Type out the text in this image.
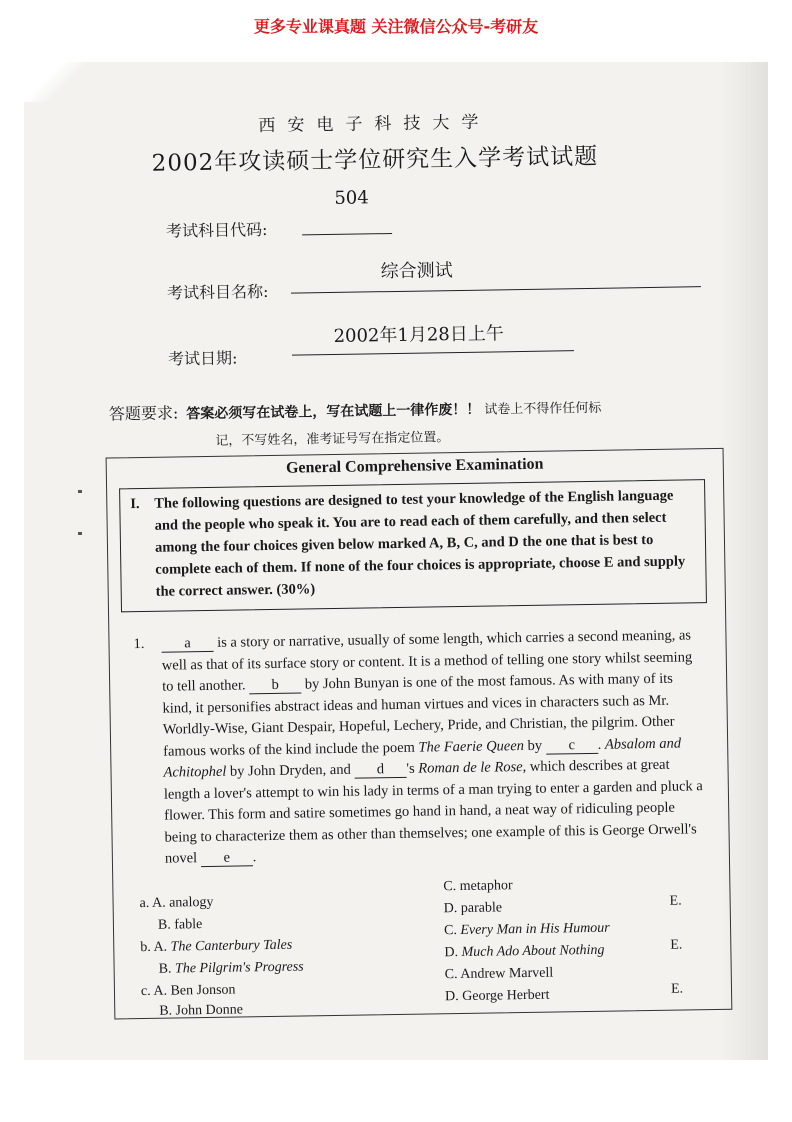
更多专业课真题 关注微信公众号-考研友
西安电子科技大学
2002年攻读硕士学位研究生入学考试试题
考试科目代码:
504
考试科目名称:
综合测试
考试日期:
2002年1月28日上午
答题要求: 答案必须写在试卷上，写在试题上一律作废！！ 试卷上不得作任何标
记，不写姓名，准考证号写在指定位置。
General Comprehensive Examination
I. The following questions are designed to test your knowledge of the English language and the people who speak it. You are to read each of them carefully, and then select among the four choices given below marked A, B, C, and D the one that is best to complete each of them. If none of the four choices is appropriate, choose E and supply the correct answer. (30%)
1.	a is a story or narrative, usually of some length, which carries a second meaning, as well as that of its surface story or content. It is a method of telling one story whilst seeming to tell another. b by John Bunyan is one of the most famous. As with many of its kind, it personifies abstract ideas and human virtues and vices in characters such as Mr. Worldly-Wise, Giant Despair, Hopeful, Lechery, Pride, and Christian, the pilgrim. Other famous works of the kind include the poem The Faerie Queen by c . Absalom and Achitophel by John Dryden, and d 's Roman de le Rose, which describes at great length a lover's attempt to win his lady in terms of a man trying to enter a garden and pluck a flower. This form and satire sometimes go hand in hand, a neat way of ridiculing people being to characterize them as other than themselves; one example of this is George Orwell's novel e .
a. A. analogy
B. fable
C. metaphor
D. parable	E.
b. A. The Canterbury Tales
B. The Pilgrim's Progress
C. Every Man in His Humour
D. Much Ado About Nothing	E.
c. A. Ben Jonson
B. John Donne
C. Andrew Marvell
D. George Herbert	E.
